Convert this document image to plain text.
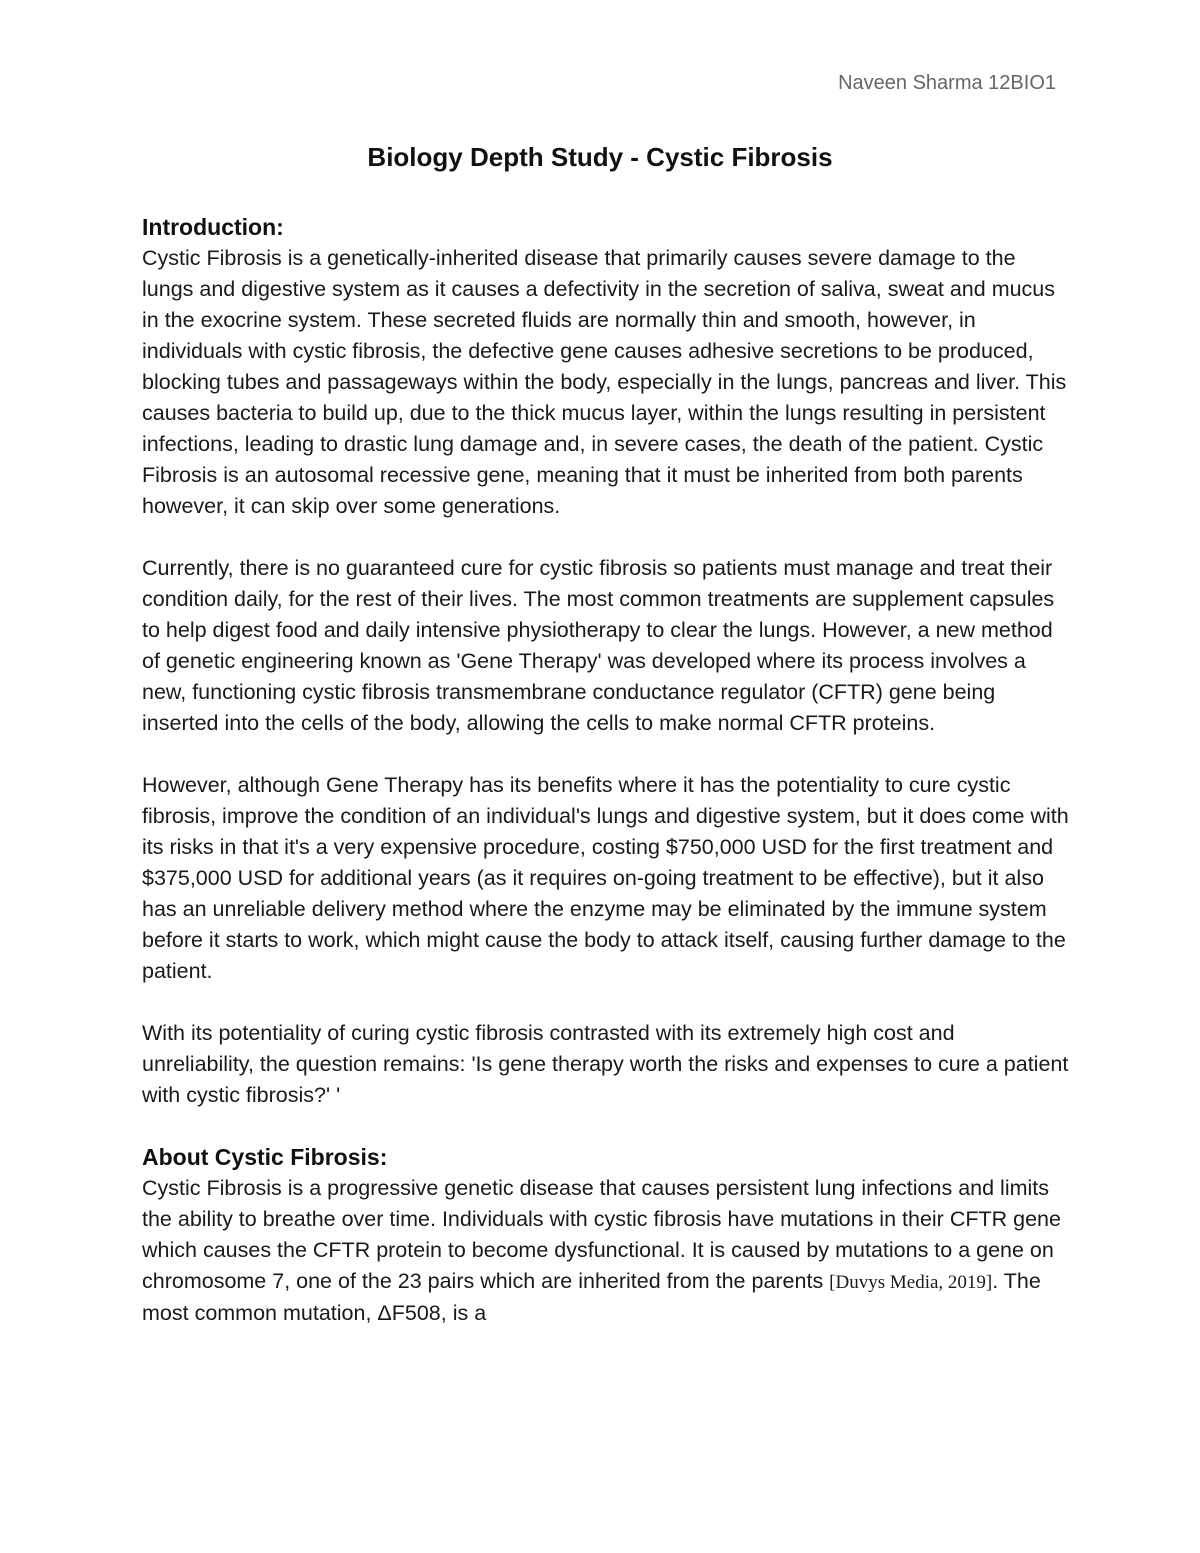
Naveen Sharma 12BIO1
Biology Depth Study - Cystic Fibrosis
Introduction:

Cystic Fibrosis is a genetically-inherited disease that primarily causes severe damage to the lungs and digestive system as it causes a defectivity in the secretion of saliva, sweat and mucus in the exocrine system. These secreted fluids are normally thin and smooth, however, in individuals with cystic fibrosis, the defective gene causes adhesive secretions to be produced, blocking tubes and passageways within the body, especially in the lungs, pancreas and liver. This causes bacteria to build up, due to the thick mucus layer, within the lungs resulting in persistent infections, leading to drastic lung damage and, in severe cases, the death of the patient. Cystic Fibrosis is an autosomal recessive gene, meaning that it must be inherited from both parents however, it can skip over some generations.

Currently, there is no guaranteed cure for cystic fibrosis so patients must manage and treat their condition daily, for the rest of their lives. The most common treatments are supplement capsules to help digest food and daily intensive physiotherapy to clear the lungs. However, a new method of genetic engineering known as 'Gene Therapy' was developed where its process involves a new, functioning cystic fibrosis transmembrane conductance regulator (CFTR) gene being inserted into the cells of the body, allowing the cells to make normal CFTR proteins.

However, although Gene Therapy has its benefits where it has the potentiality to cure cystic fibrosis, improve the condition of an individual's lungs and digestive system, but it does come with its risks in that it's a very expensive procedure, costing $750,000 USD for the first treatment and $375,000 USD for additional years (as it requires on-going treatment to be effective), but it also has an unreliable delivery method where the enzyme may be eliminated by the immune system before it starts to work, which might cause the body to attack itself, causing further damage to the patient.

With its potentiality of curing cystic fibrosis contrasted with its extremely high cost and unreliability, the question remains: 'Is gene therapy worth the risks and expenses to cure a patient with cystic fibrosis?' '

About Cystic Fibrosis:

Cystic Fibrosis is a progressive genetic disease that causes persistent lung infections and limits the ability to breathe over time. Individuals with cystic fibrosis have mutations in their CFTR gene which causes the CFTR protein to become dysfunctional. It is caused by mutations to a gene on chromosome 7, one of the 23 pairs which are inherited from the parents [Duvys Media, 2019]. The most common mutation, ΔF508, is a
